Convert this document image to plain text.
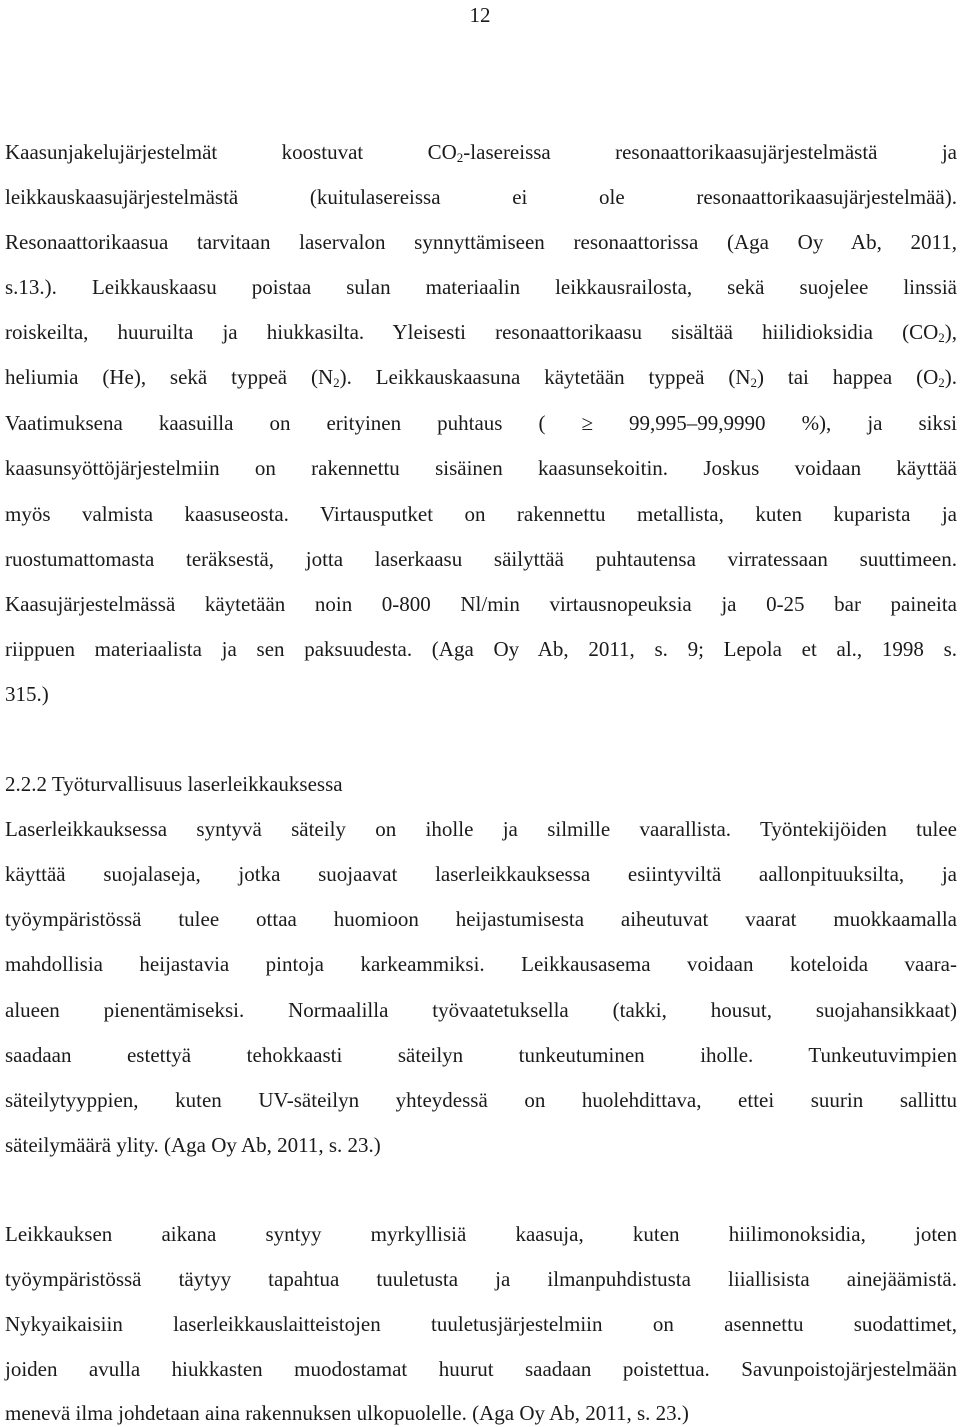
12
Kaasunjakelujärjestelmät koostuvat $CO_2$-lasereissa resonaattorikaasujärjestelmästä ja
leikkauskaasujärjestelmästä (kuitulasereissa ei ole resonaattorikaasujärjestelmää).
Resonaattorikaasua tarvitaan laservalon synnyttämiseen resonaattorissa (Aga Oy Ab, 2011,
s.13.). Leikkauskaasu poistaa sulan materiaalin leikkausrailosta, sekä suojelee linssiä
roiskeilta, huuruilta ja hiukkasilta. Yleisesti resonaattorikaasu sisältää hiilidioksidia $(CO_2)$,
heliumia (He), sekä typpeä $(N_2)$. Leikkauskaasuna käytetään typpeä $(N_2)$ tai happea $(O_2)$.
Vaatimuksena kaasuilla on erityinen puhtaus ( ≥ 99,995–99,9990 %), ja siksi
kaasunsyöttöjärjestelmiin on rakennettu sisäinen kaasunsekoitin. Joskus voidaan käyttää
myös valmista kaasuseosta. Virtausputket on rakennettu metallista, kuten kuparista ja
ruostumattomasta teräksestä, jotta laserkaasu säilyttää puhtautensa virratessaan suuttimeen.
Kaasujärjestelmässä käytetään noin 0-800 Nl/min virtausnopeuksia ja 0-25 bar paineita
riippuen materiaalista ja sen paksuudesta. (Aga Oy Ab, 2011, s. 9; Lepola et al., 1998 s.
315.)
2.2.2 Työturvallisuus laserleikkauksessa
Laserleikkauksessa syntyvä säteily on iholle ja silmille vaarallista. Työntekijöiden tulee
käyttää suojalaseja, jotka suojaavat laserleikkauksessa esiintyviltä aallonpituuksilta, ja
työympäristössä tulee ottaa huomioon heijastumisesta aiheutuvat vaarat muokkaamalla
mahdollisia heijastavia pintoja karkeammiksi. Leikkausasema voidaan koteloida vaara-
alueen pienentämiseksi. Normaalilla työvaatetuksella (takki, housut, suojahansikkaat)
saadaan estettyä tehokkaasti säteilyn tunkeutuminen iholle. Tunkeutuvimpien
säteilytyyppien, kuten UV-säteilyn yhteydessä on huolehdittava, ettei suurin sallittu
säteilymäärä ylity. (Aga Oy Ab, 2011, s. 23.)
Leikkauksen aikana syntyy myrkyllisiä kaasuja, kuten hiilimonoksidia, joten
työympäristössä täytyy tapahtua tuuletusta ja ilmanpuhdistusta liiallisista ainejäämistä.
Nykyaikaisiin laserleikkauslaitteistojen tuuletusjärjestelmiin on asennettu suodattimet,
joiden avulla hiukkasten muodostamat huurut saadaan poistettua. Savunpoistojärjestelmään
menevä ilma johdetaan aina rakennuksen ulkopuolelle. (Aga Oy Ab, 2011, s. 23.)
